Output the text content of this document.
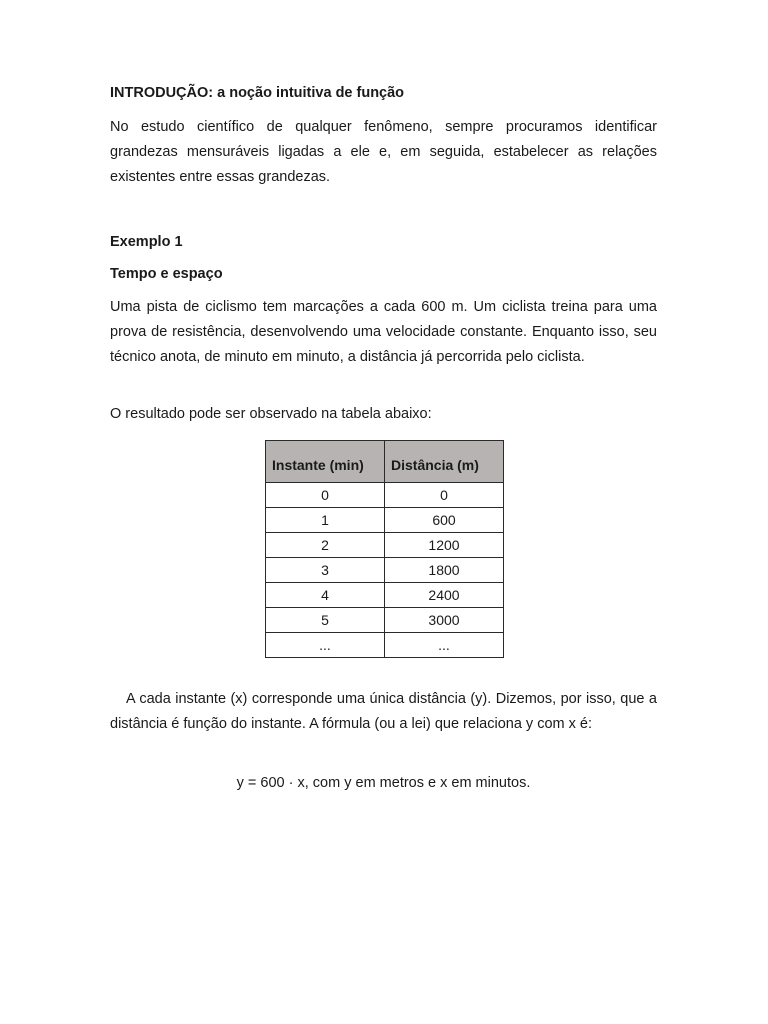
INTRODUÇÃO: a noção intuitiva de função
No estudo científico de qualquer fenômeno, sempre procuramos identificar grandezas mensuráveis ligadas a ele e, em seguida, estabelecer as relações existentes entre essas grandezas.
Exemplo 1
Tempo e espaço
Uma pista de ciclismo tem marcações a cada 600 m. Um ciclista treina para uma prova de resistência, desenvolvendo uma velocidade constante. Enquanto isso, seu técnico anota, de minuto em minuto, a distância já percorrida pelo ciclista.
O resultado pode ser observado na tabela abaixo:
Instante (min)	Distância (m)
0	0
1	600
2	1200
3	1800
4	2400
5	3000
...	...
A cada instante (x) corresponde uma única distância (y). Dizemos, por isso, que a distância é função do instante. A fórmula (ou a lei) que relaciona y com x é:
y = 600 · x, com y em metros e x em minutos.
